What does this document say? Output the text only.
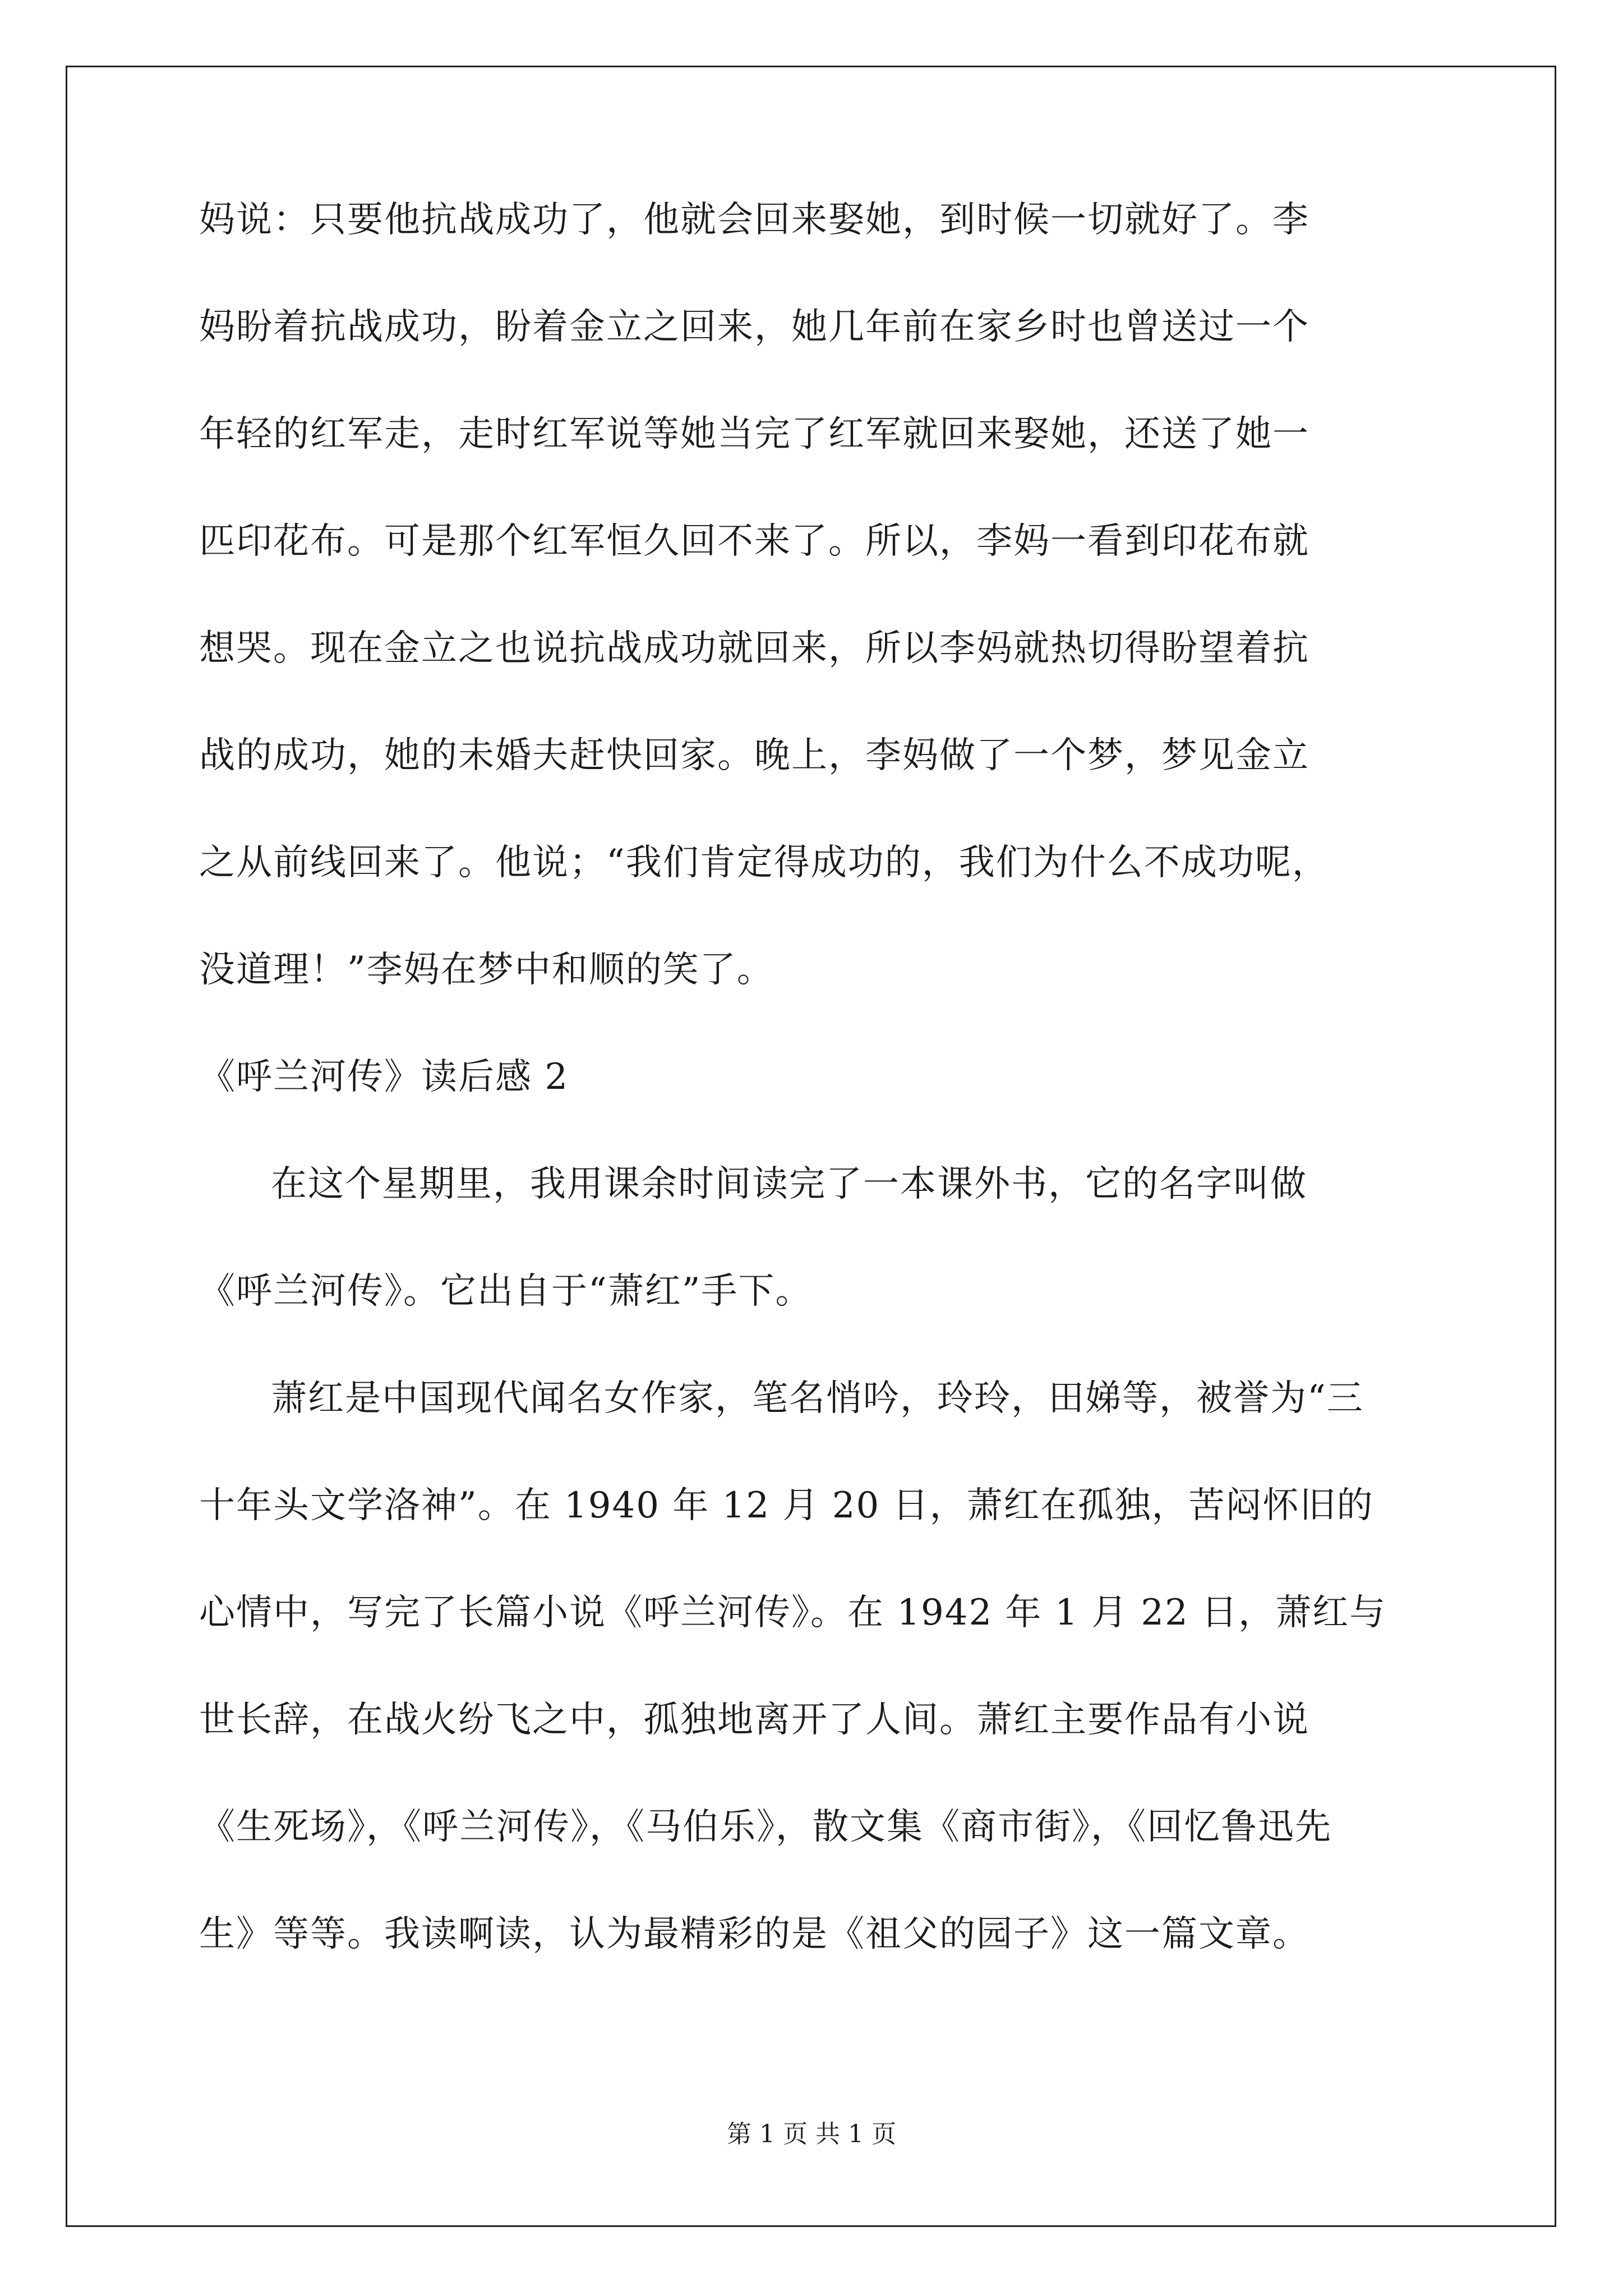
妈说：只要他抗战成功了，他就会回来娶她，到时候一切就好了。李

妈盼着抗战成功，盼着金立之回来，她几年前在家乡时也曾送过一个

年轻的红军走，走时红军说等她当完了红军就回来娶她，还送了她一

匹印花布。可是那个红军恒久回不来了。所以，李妈一看到印花布就

想哭。现在金立之也说抗战成功就回来，所以李妈就热切得盼望着抗

战的成功，她的未婚夫赶快回家。晚上，李妈做了一个梦，梦见金立

之从前线回来了。他说；“我们肯定得成功的，我们为什么不成功呢，

没道理！”李妈在梦中和顺的笑了。

《呼兰河传》读后感 2

在这个星期里，我用课余时间读完了一本课外书，它的名字叫做

《呼兰河传》。它出自于“萧红”手下。

萧红是中国现代闻名女作家，笔名悄吟，玲玲，田娣等，被誉为“三

十年头文学洛神”。在 1940 年 12 月 20 日，萧红在孤独，苦闷怀旧的

心情中，写完了长篇小说《呼兰河传》。在 1942 年 1 月 22 日，萧红与

世长辞，在战火纷飞之中，孤独地离开了人间。萧红主要作品有小说

《生死场》，《呼兰河传》，《马伯乐》，散文集《商市街》，《回忆鲁迅先

生》等等。我读啊读，认为最精彩的是《祖父的园子》这一篇文章。

第 1 页 共 1 页
